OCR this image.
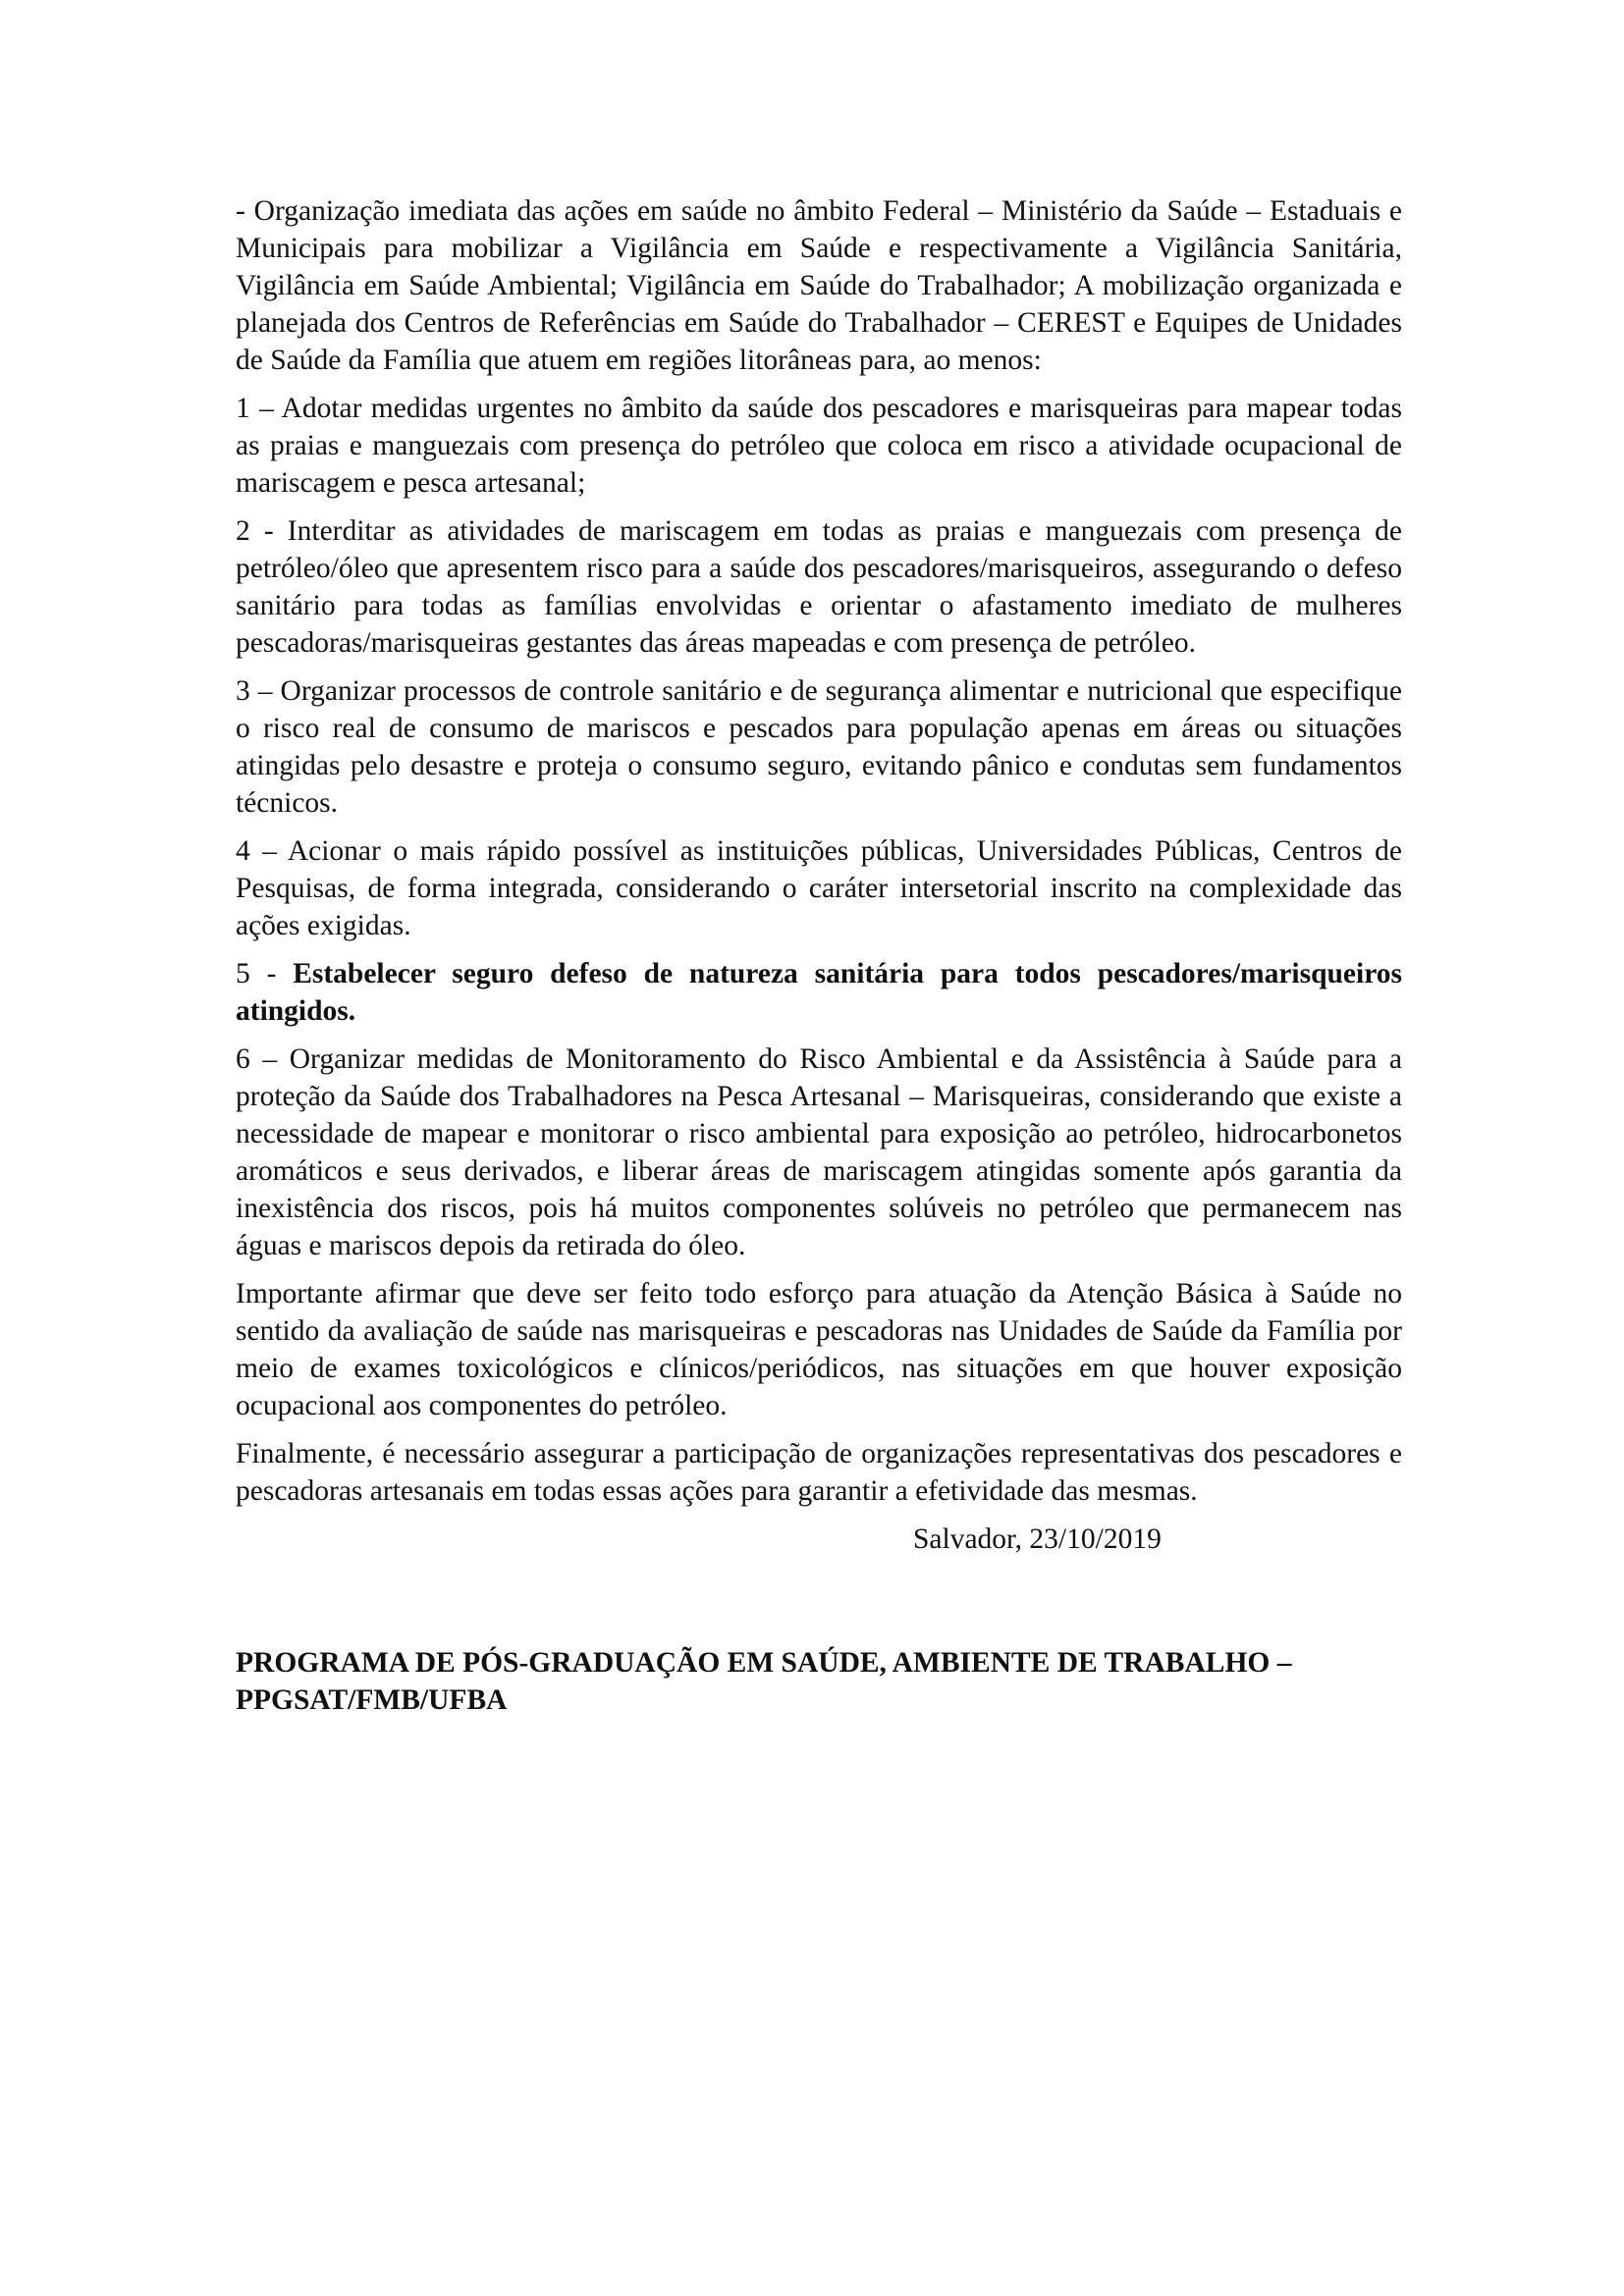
- Organização imediata das ações em saúde no âmbito Federal – Ministério da Saúde – Estaduais e Municipais para mobilizar a Vigilância em Saúde e respectivamente a Vigilância Sanitária, Vigilância em Saúde Ambiental; Vigilância em Saúde do Trabalhador; A mobilização organizada e planejada dos Centros de Referências em Saúde do Trabalhador – CEREST e Equipes de Unidades de Saúde da Família que atuem em regiões litorâneas para, ao menos:

1 – Adotar medidas urgentes no âmbito da saúde dos pescadores e marisqueiras para mapear todas as praias e manguezais com presença do petróleo que coloca em risco a atividade ocupacional de mariscagem e pesca artesanal;

2 - Interditar as atividades de mariscagem em todas as praias e manguezais com presença de petróleo/óleo que apresentem risco para a saúde dos pescadores/marisqueiros, assegurando o defeso sanitário para todas as famílias envolvidas e orientar o afastamento imediato de mulheres pescadoras/marisqueiras gestantes das áreas mapeadas e com presença de petróleo.

3 – Organizar processos de controle sanitário e de segurança alimentar e nutricional que especifique o risco real de consumo de mariscos e pescados para população apenas em áreas ou situações atingidas pelo desastre e proteja o consumo seguro, evitando pânico e condutas sem fundamentos técnicos.

4 – Acionar o mais rápido possível as instituições públicas, Universidades Públicas, Centros de Pesquisas, de forma integrada, considerando o caráter intersetorial inscrito na complexidade das ações exigidas.

5 - Estabelecer seguro defeso de natureza sanitária para todos pescadores/marisqueiros atingidos.

6 – Organizar medidas de Monitoramento do Risco Ambiental e da Assistência à Saúde para a proteção da Saúde dos Trabalhadores na Pesca Artesanal – Marisqueiras, considerando que existe a necessidade de mapear e monitorar o risco ambiental para exposição ao petróleo, hidrocarbonetos aromáticos e seus derivados, e liberar áreas de mariscagem atingidas somente após garantia da inexistência dos riscos, pois há muitos componentes solúveis no petróleo que permanecem nas águas e mariscos depois da retirada do óleo.

Importante afirmar que deve ser feito todo esforço para atuação da Atenção Básica à Saúde no sentido da avaliação de saúde nas marisqueiras e pescadoras nas Unidades de Saúde da Família por meio de exames toxicológicos e clínicos/periódicos, nas situações em que houver exposição ocupacional aos componentes do petróleo.

Finalmente, é necessário assegurar a participação de organizações representativas dos pescadores e pescadoras artesanais em todas essas ações para garantir a efetividade das mesmas.

Salvador, 23/10/2019

PROGRAMA DE PÓS-GRADUAÇÃO EM SAÚDE, AMBIENTE DE TRABALHO – PPGSAT/FMB/UFBA
